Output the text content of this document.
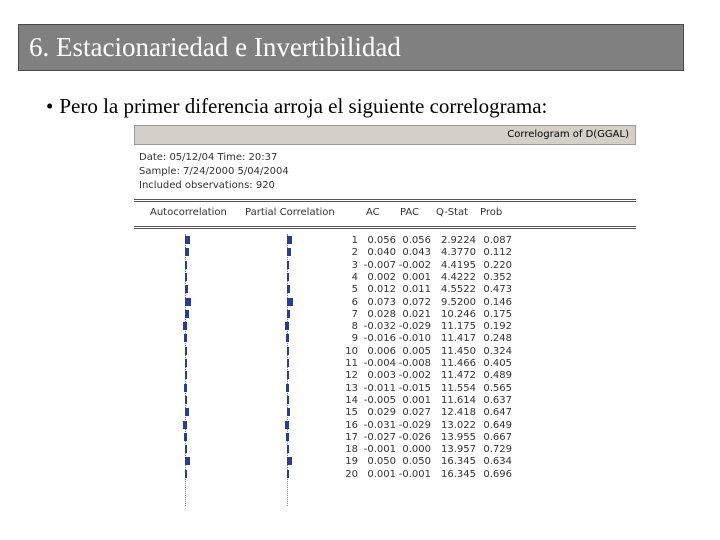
6. Estacionariedad e Invertibilidad
• Pero la primer diferencia arroja el siguiente correlograma:
Correlogram of D(GGAL)
Date: 05/12/04 Time: 20:37
Sample: 7/24/2000 5/04/2004
Included observations: 920
Autocorrelation Partial Correlation	AC PAC Q-Stat Prob
1 0.056 0.056	2.9224 0.087
2 0.040 0.043	4.3770 0.112
3 -0.007 -0.002	4.4195 0.220
4 0.002 0.001	4.4222 0.352
5 0.012 0.011	4.5522 0.473
6 0.073 0.072	9.5200 0.146
7 0.028 0.021	10.246 0.175
8 -0.032 -0.029	11.175 0.192
9 -0.016 -0.010	11.417 0.248
10 0.006 0.005	11.450 0.324
11 -0.004 -0.008	11.466 0.405
12 0.003 -0.002	11.472 0.489
13 -0.011 -0.015	11.554 0.565
14 -0.005 0.001	11.614 0.637
15 0.029 0.027	12.418 0.647
16 -0.031 -0.029	13.022 0.649
17 -0.027 -0.026	13.955 0.667
18 -0.001 0.000	13.957 0.729
19 0.050 0.050	16.345 0.634
20 0.001 -0.001	16.345 0.696
